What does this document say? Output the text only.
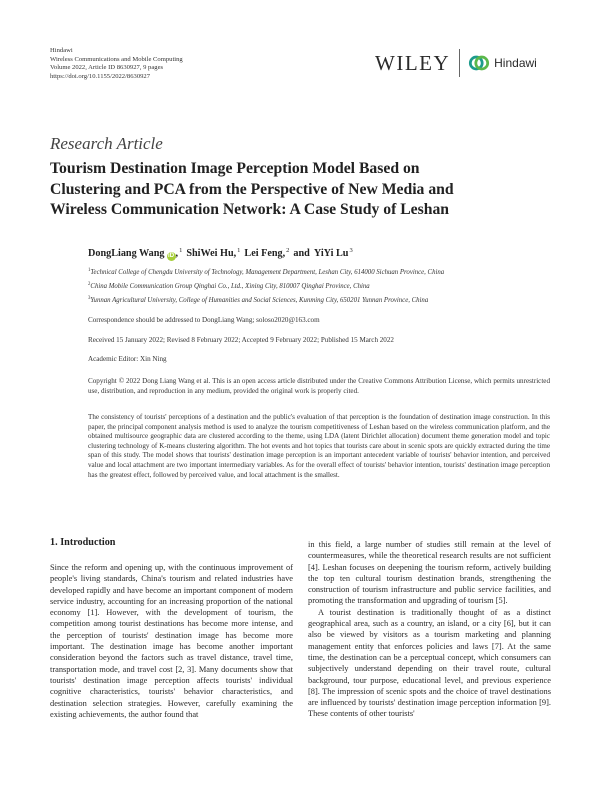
Hindawi
Wireless Communications and Mobile Computing
Volume 2022, Article ID 8630927, 9 pages
https://doi.org/10.1155/2022/8630927
WILEY	Hindawi
Research Article
Tourism Destination Image Perception Model Based on
Clustering and PCA from the Perspective of New Media and
Wireless Communication Network: A Case Study of Leshan
DongLiang Wang iD ,$^1$ ShiWei Hu ,$^1$ Lei Feng ,$^2$ and YiYi Lu$^3$
$^1$Technical College of Chengdu University of Technology, Management Department, Leshan City, 614000 Sichuan Province, China
$^2$China Mobile Communication Group Qinghai Co., Ltd., Xining City, 810007 Qinghai Province, China
$^3$Yunnan Agricultural University, College of Humanities and Social Sciences, Kunming City, 650201 Yunnan Province, China
Correspondence should be addressed to DongLiang Wang; soloso2020@163.com
Received 15 January 2022; Revised 8 February 2022; Accepted 9 February 2022; Published 15 March 2022
Academic Editor: Xin Ning
Copyright © 2022 Dong Liang Wang et al. This is an open access article distributed under the Creative Commons Attribution License, which permits unrestricted use, distribution, and reproduction in any medium, provided the original work is properly cited.
The consistency of tourists' perceptions of a destination and the public's evaluation of that perception is the foundation of destination image construction. In this paper, the principal component analysis method is used to analyze the tourism competitiveness of Leshan based on the wireless communication platform, and the obtained multisource geographic data are clustered according to the theme, using LDA (latent Dirichlet allocation) document theme generation model and topic clustering technology of K-means clustering algorithm. The hot events and hot topics that tourists care about in scenic spots are quickly extracted during the time span of this study. The model shows that tourists' destination image perception is an important antecedent variable of tourists' behavior intention, and perceived value and local attachment are two important intermediary variables. As for the overall effect of tourists' behavior intention, tourists' destination image perception has the greatest effect, followed by perceived value, and local attachment is the smallest.
1. Introduction

Since the reform and opening up, with the continuous improvement of people's living standards, China's tourism and related industries have developed rapidly and have become an important component of modern service industry, accounting for an increasing proportion of the national economy [1]. However, with the development of tourism, the competition among tourist destinations has become more intense, and the perception of tourists' destination image has become more important. The destination image has become another important consideration beyond the factors such as travel distance, travel time, transportation mode, and travel cost [2, 3]. Many documents show that tourists' destination image perception affects tourists' individual cognitive characteristics, tourists' behavior characteristics, and destination selection strategies. However, carefully examining the existing achievements, the author found that

in this field, a large number of studies still remain at the level of countermeasures, while the theoretical research results are not sufficient [4]. Leshan focuses on deepening the tourism reform, actively building the top ten cultural tourism destination brands, strengthening the construction of tourism infrastructure and public service facilities, and promoting the transformation and upgrading of tourism [5].

A tourist destination is traditionally thought of as a distinct geographical area, such as a country, an island, or a city [6], but it can also be viewed by visitors as a tourism marketing and planning management entity that enforces policies and laws [7]. At the same time, the destination can be a perceptual concept, which consumers can subjectively understand depending on their travel route, cultural background, tour purpose, educational level, and previous experience [8]. The impression of scenic spots and the choice of travel destinations are influenced by tourists' destination image perception information [9]. These contents of other tourists'
